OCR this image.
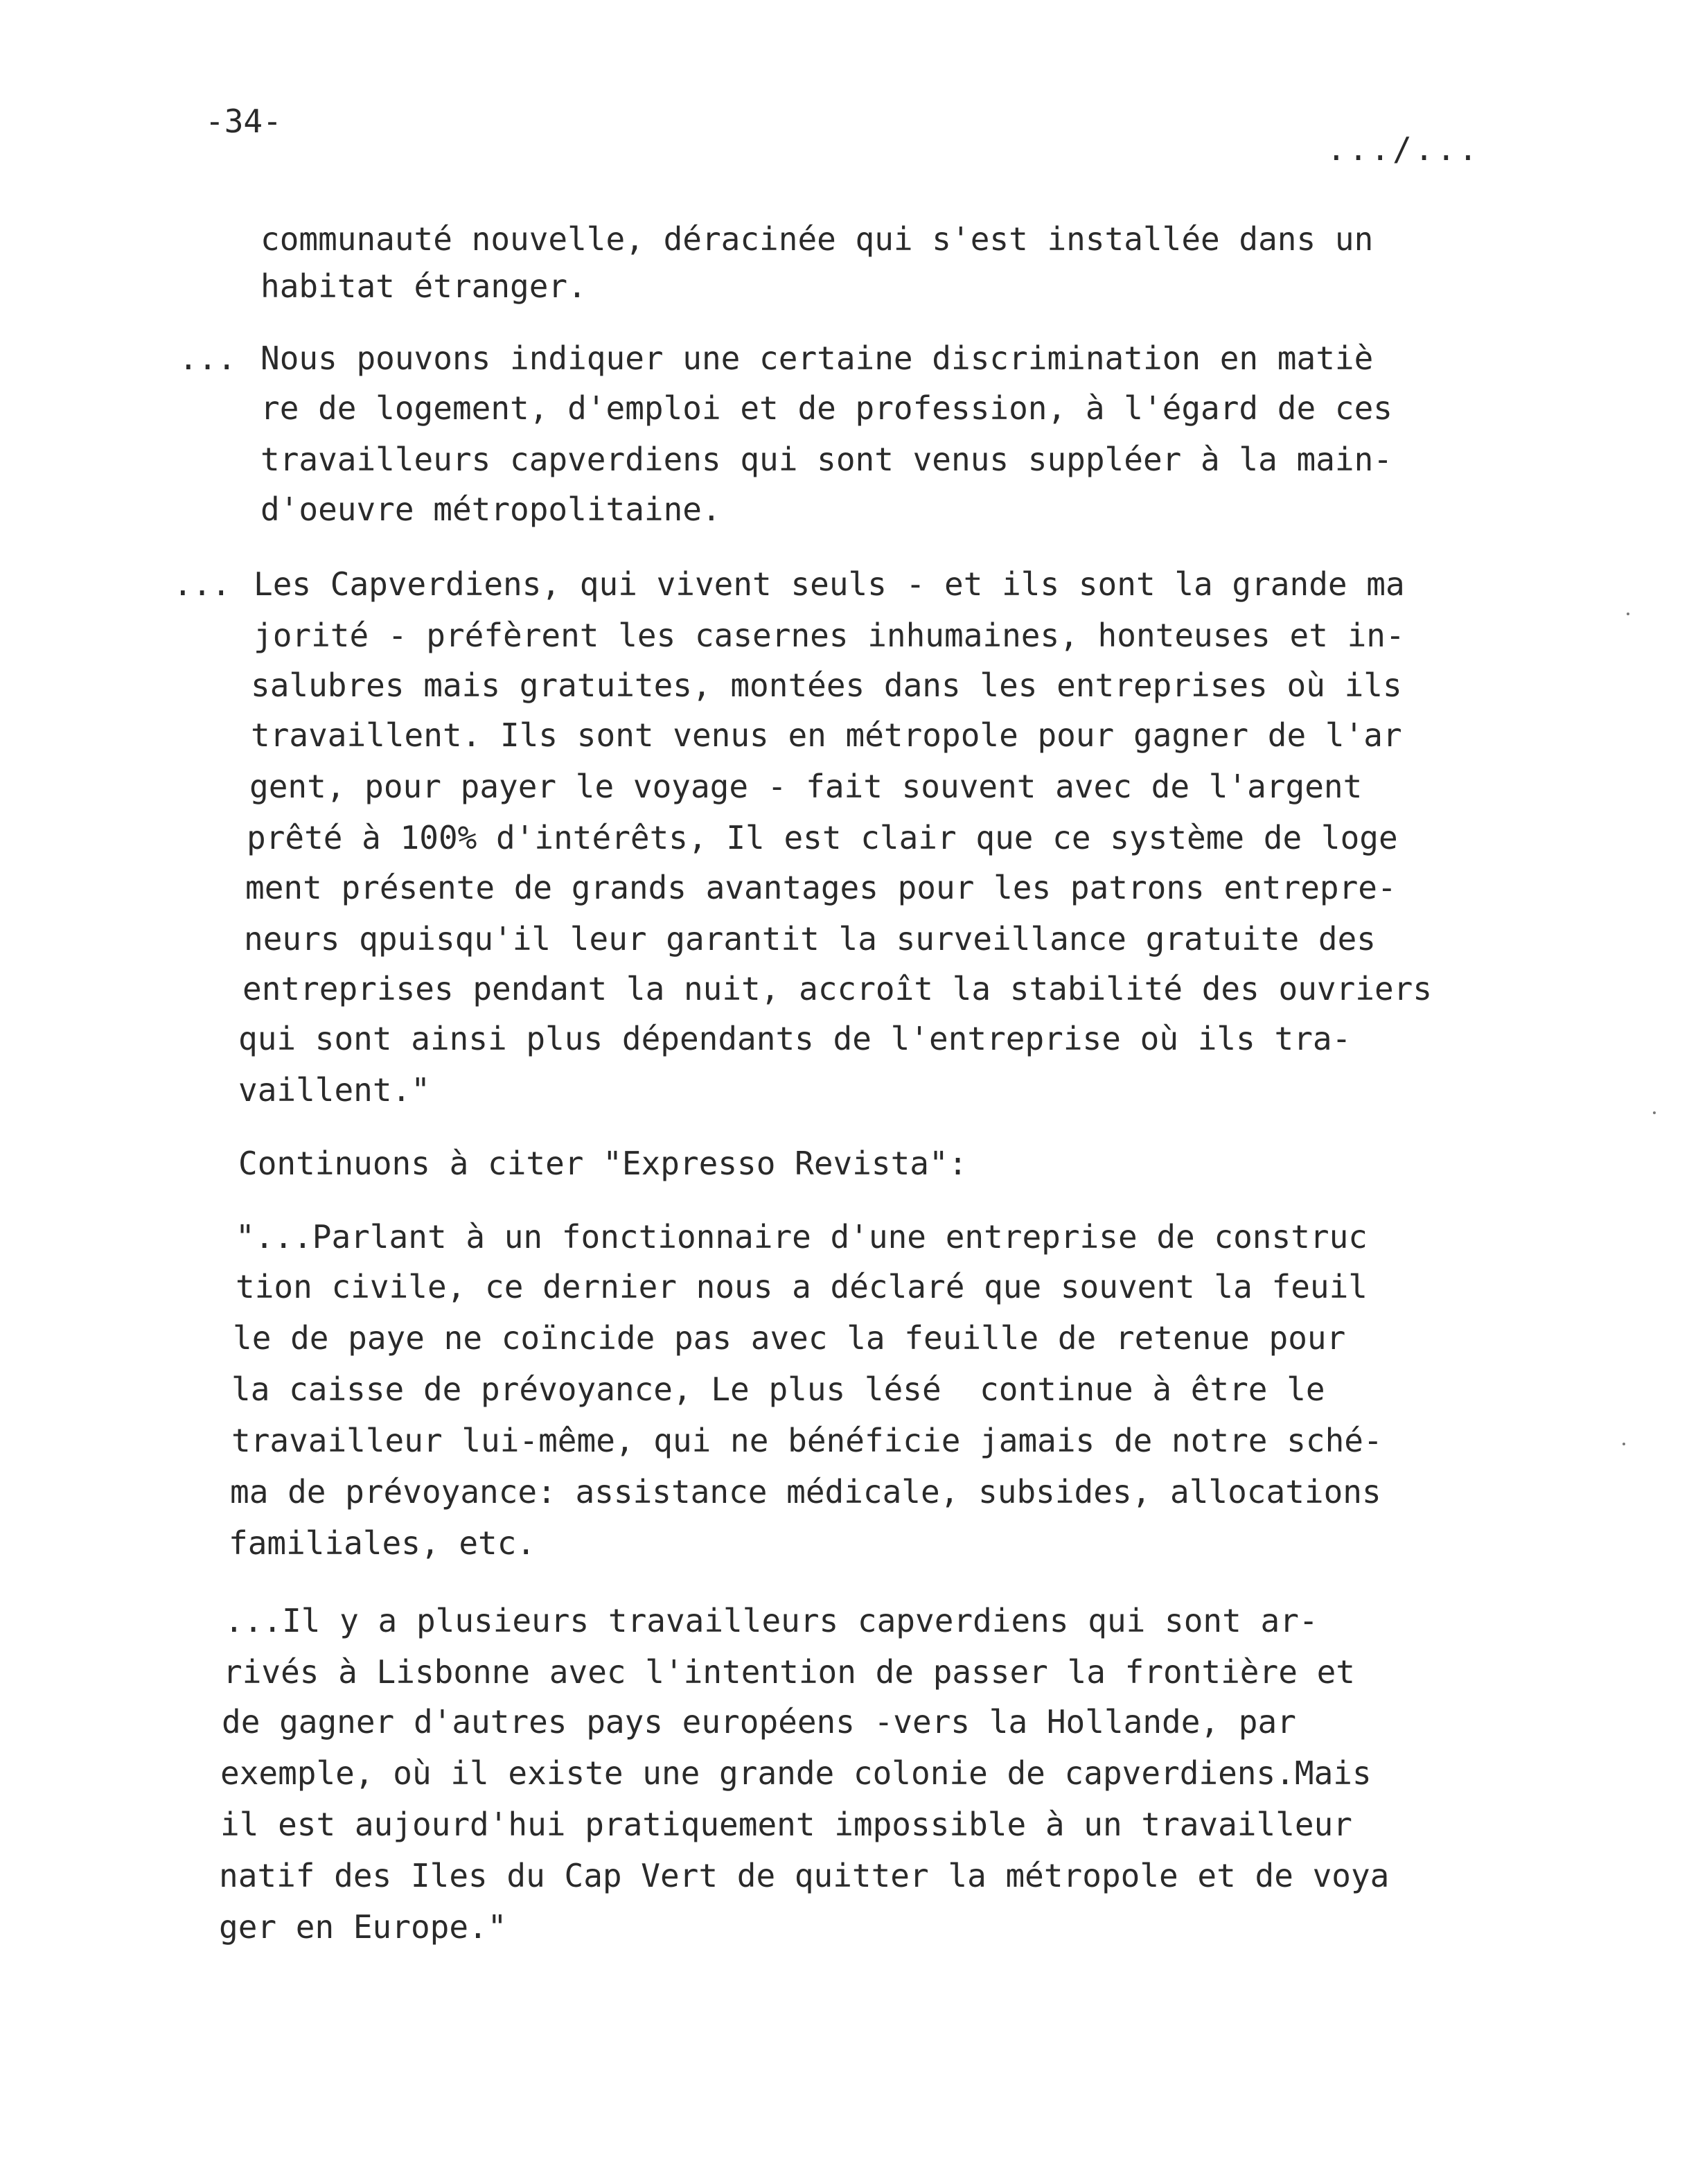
-34-
.../...
communauté nouvelle, déracinée qui s'est installée dans un
habitat étranger.
... Nous pouvons indiquer une certaine discrimination en matiè
re de logement, d'emploi et de profession, à l'égard de ces
travailleurs capverdiens qui sont venus suppléer à la main-
d'oeuvre métropolitaine.
... Les Capverdiens, qui vivent seuls - et ils sont la grande ma
jorité - préfèrent les casernes inhumaines, honteuses et in-
salubres mais gratuites, montées dans les entreprises où ils
travaillent. Ils sont venus en métropole pour gagner de l'ar
gent, pour payer le voyage - fait souvent avec de l'argent
prêté à 100% d'intérêts, Il est clair que ce système de loge
ment présente de grands avantages pour les patrons entrepre-
neurs qpuisqu'il leur garantit la surveillance gratuite des
entreprises pendant la nuit, accroît la stabilité des ouvriers
qui sont ainsi plus dépendants de l'entreprise où ils tra-
vaillent."
Continuons à citer "Expresso Revista":
"...Parlant à un fonctionnaire d'une entreprise de construc
tion civile, ce dernier nous a déclaré que souvent la feuil
le de paye ne coïncide pas avec la feuille de retenue pour
la caisse de prévoyance, Le plus lésé  continue à être le
travailleur lui-même, qui ne bénéficie jamais de notre sché-
ma de prévoyance: assistance médicale, subsides, allocations
familiales, etc.
...Il y a plusieurs travailleurs capverdiens qui sont ar-
rivés à Lisbonne avec l'intention de passer la frontière et
de gagner d'autres pays européens -vers la Hollande, par
exemple, où il existe une grande colonie de capverdiens.Mais
il est aujourd'hui pratiquement impossible à un travailleur
natif des Iles du Cap Vert de quitter la métropole et de voya
ger en Europe."
